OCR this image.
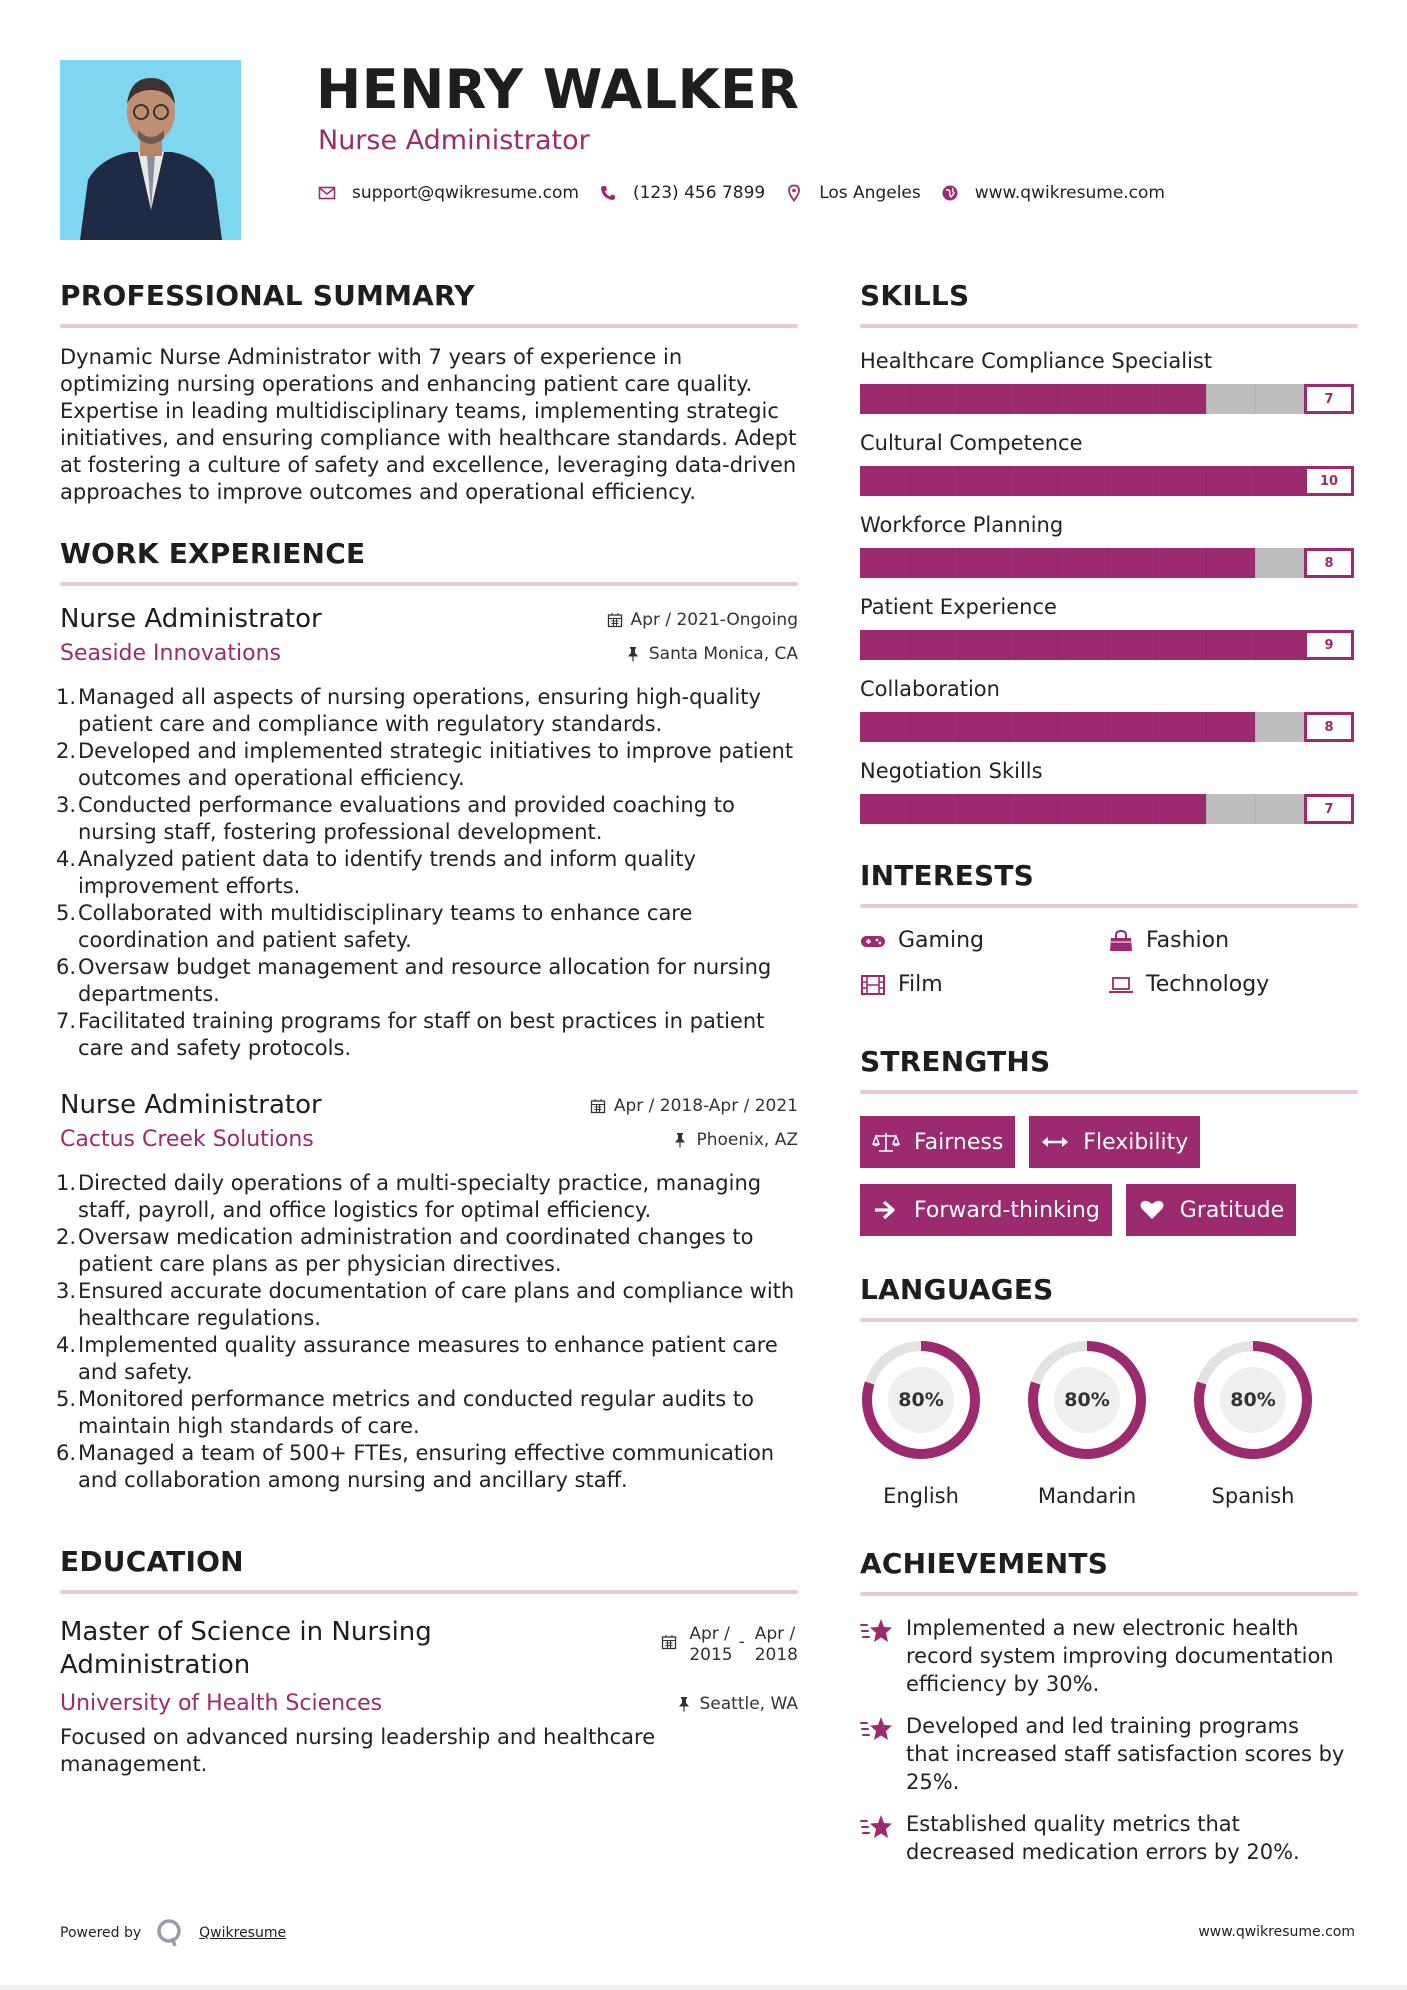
HENRY WALKER
Nurse Administrator
support@qwikresume.com	(123) 456 7899	Los Angeles	www.qwikresume.com
PROFESSIONAL SUMMARY

Dynamic Nurse Administrator with 7 years of experience in optimizing nursing operations and enhancing patient care quality. Expertise in leading multidisciplinary teams, implementing strategic initiatives, and ensuring compliance with healthcare standards. Adept at fostering a culture of safety and excellence, leveraging data-driven approaches to improve outcomes and operational efficiency.

WORK EXPERIENCE
Nurse Administrator	Apr / 2021-Ongoing
Seaside Innovations	Santa Monica, CA
1. Managed all aspects of nursing operations, ensuring high-quality patient care and compliance with regulatory standards.
2. Developed and implemented strategic initiatives to improve patient outcomes and operational efficiency.
3. Conducted performance evaluations and provided coaching to nursing staff, fostering professional development.
4. Analyzed patient data to identify trends and inform quality improvement efforts.
5. Collaborated with multidisciplinary teams to enhance care coordination and patient safety.
6. Oversaw budget management and resource allocation for nursing departments.
7. Facilitated training programs for staff on best practices in patient care and safety protocols.
Nurse Administrator	Apr / 2018-Apr / 2021
Cactus Creek Solutions	Phoenix, AZ
1. Directed daily operations of a multi-specialty practice, managing staff, payroll, and office logistics for optimal efficiency.
2. Oversaw medication administration and coordinated changes to patient care plans as per physician directives.
3. Ensured accurate documentation of care plans and compliance with healthcare regulations.
4. Implemented quality assurance measures to enhance patient care and safety.
5. Monitored performance metrics and conducted regular audits to maintain high standards of care.
6. Managed a team of 500+ FTEs, ensuring effective communication and collaboration among nursing and ancillary staff.
EDUCATION
Master of Science in Nursing Administration
Apr /
2015
- Apr /
2018
University of Health Sciences	Seattle, WA

Focused on advanced nursing leadership and healthcare management.

SKILLS
Healthcare Compliance Specialist
7
Cultural Competence
10
Workforce Planning
8
Patient Experience
9
Collaboration
8
Negotiation Skills
7
INTERESTS
Gaming	Fashion
Film	Technology
STRENGTHS
Fairness	Flexibility
Forward-thinking	Gratitude
LANGUAGES
80%
English
80%
Mandarin
80%
Spanish
ACHIEVEMENTS
Implemented a new electronic health record system improving documentation efficiency by 30%.
Developed and led training programs that increased staff satisfaction scores by 25%.
Established quality metrics that decreased medication errors by 20%.
Powered by	Qwikresume	www.qwikresume.com
